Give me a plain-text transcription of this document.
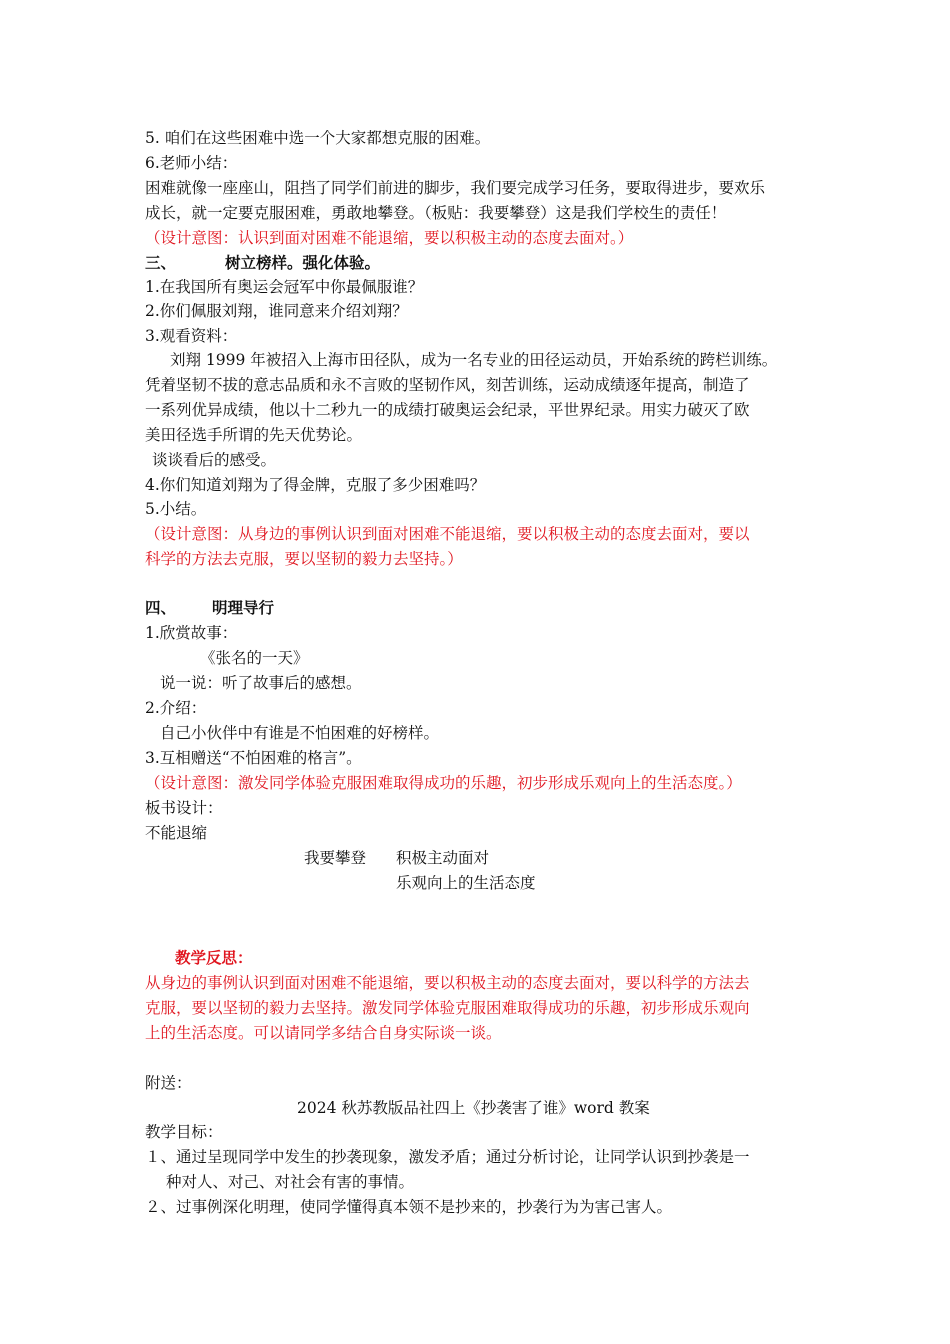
5. 咱们在这些困难中选一个大家都想克服的困难。
6.老师小结：
困难就像一座座山，阻挡了同学们前进的脚步，我们要完成学习任务，要取得进步，要欢乐
成长，就一定要克服困难，勇敢地攀登。（板贴：我要攀登）这是我们学校生的责任！
（设计意图：认识到面对困难不能退缩，要以积极主动的态度去面对。）
三、	树立榜样。强化体验。
1.在我国所有奥运会冠军中你最佩服谁？
2.你们佩服刘翔，谁同意来介绍刘翔？
3.观看资料：
刘翔 1999 年被招入上海市田径队，成为一名专业的田径运动员，开始系统的跨栏训练。
凭着坚韧不拔的意志品质和永不言败的坚韧作风，刻苦训练，运动成绩逐年提高，制造了
一系列优异成绩，他以十二秒九一的成绩打破奥运会纪录，平世界纪录。用实力破灭了欧
美田径选手所谓的先天优势论。
谈谈看后的感受。
4.你们知道刘翔为了得金牌，克服了多少困难吗？
5.小结。
（设计意图：从身边的事例认识到面对困难不能退缩，要以积极主动的态度去面对，要以
科学的方法去克服，要以坚韧的毅力去坚持。）
四、 明理导行
1.欣赏故事：
《张名的一天》
说一说：听了故事后的感想。
2.介绍：
自己小伙伴中有谁是不怕困难的好榜样。
3.互相赠送“不怕困难的格言”。
（设计意图：激发同学体验克服困难取得成功的乐趣，初步形成乐观向上的生活态度。）
板书设计：
不能退缩
我要攀登 积极主动面对
乐观向上的生活态度
教学反思：
从身边的事例认识到面对困难不能退缩，要以积极主动的态度去面对，要以科学的方法去
克服，要以坚韧的毅力去坚持。激发同学体验克服困难取得成功的乐趣，初步形成乐观向
上的生活态度。可以请同学多结合自身实际谈一谈。
附送：
2024 秋苏教版品社四上《抄袭害了谁》word 教案
教学目标：
１、通过呈现同学中发生的抄袭现象，激发矛盾；通过分析讨论，让同学认识到抄袭是一
种对人、对己、对社会有害的事情。
２、过事例深化明理，使同学懂得真本领不是抄来的，抄袭行为为害己害人。
